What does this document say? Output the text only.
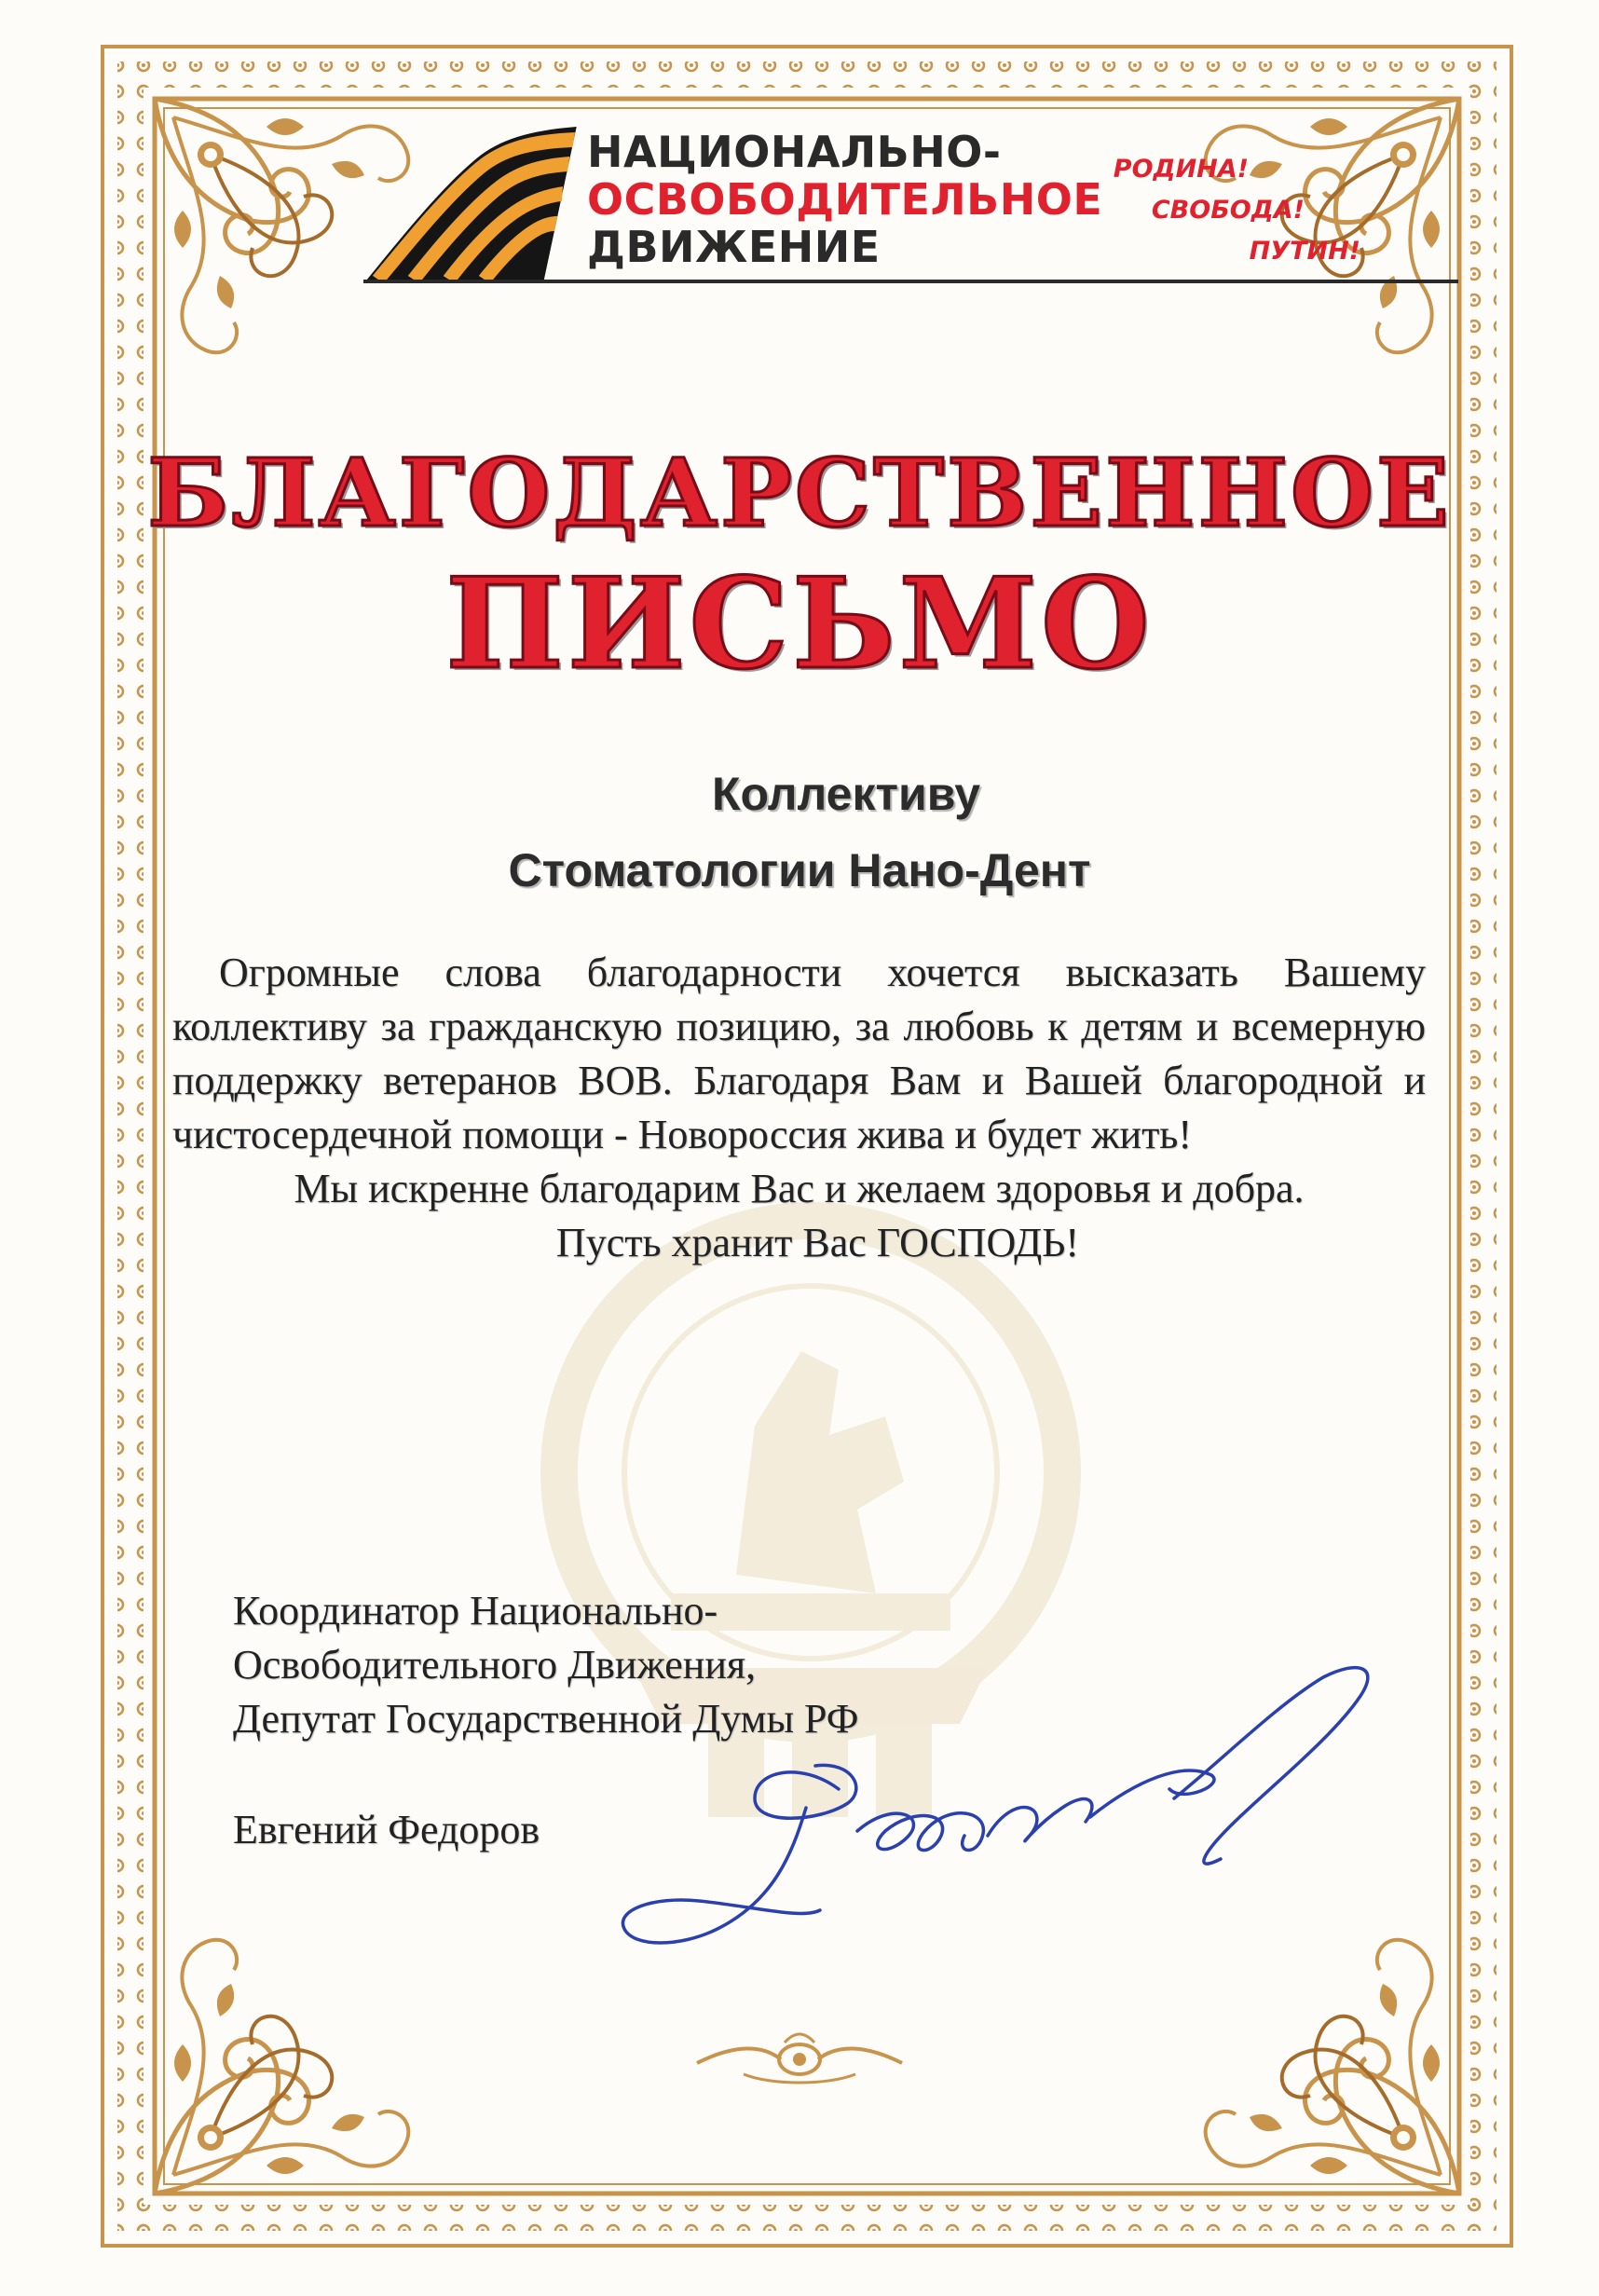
НАЦИОНАЛЬНО-
ОСВОБОДИТЕЛЬНОЕ
ДВИЖЕНИЕ
РОДИНА!
СВОБОДА!
ПУТИН!
БЛАГОДАРСТВЕННОЕ
ПИСЬМО
Коллективу
Стоматологии Нано-Дент

Огромные слова благодарности хочется высказать Вашему коллективу за гражданскую позицию, за любовь к детям и всемерную поддержку ветеранов ВОВ. Благодаря Вам и Вашей благородной и чистосердечной помощи - Новороссия жива и будет жить!

Мы искренне благодарим Вас и желаем здоровья и добра.

Пусть хранит Вас ГОСПОДЬ!

Координатор Национально-
Освободительного Движения,
Депутат Государственной Думы РФ
Евгений Федоров
